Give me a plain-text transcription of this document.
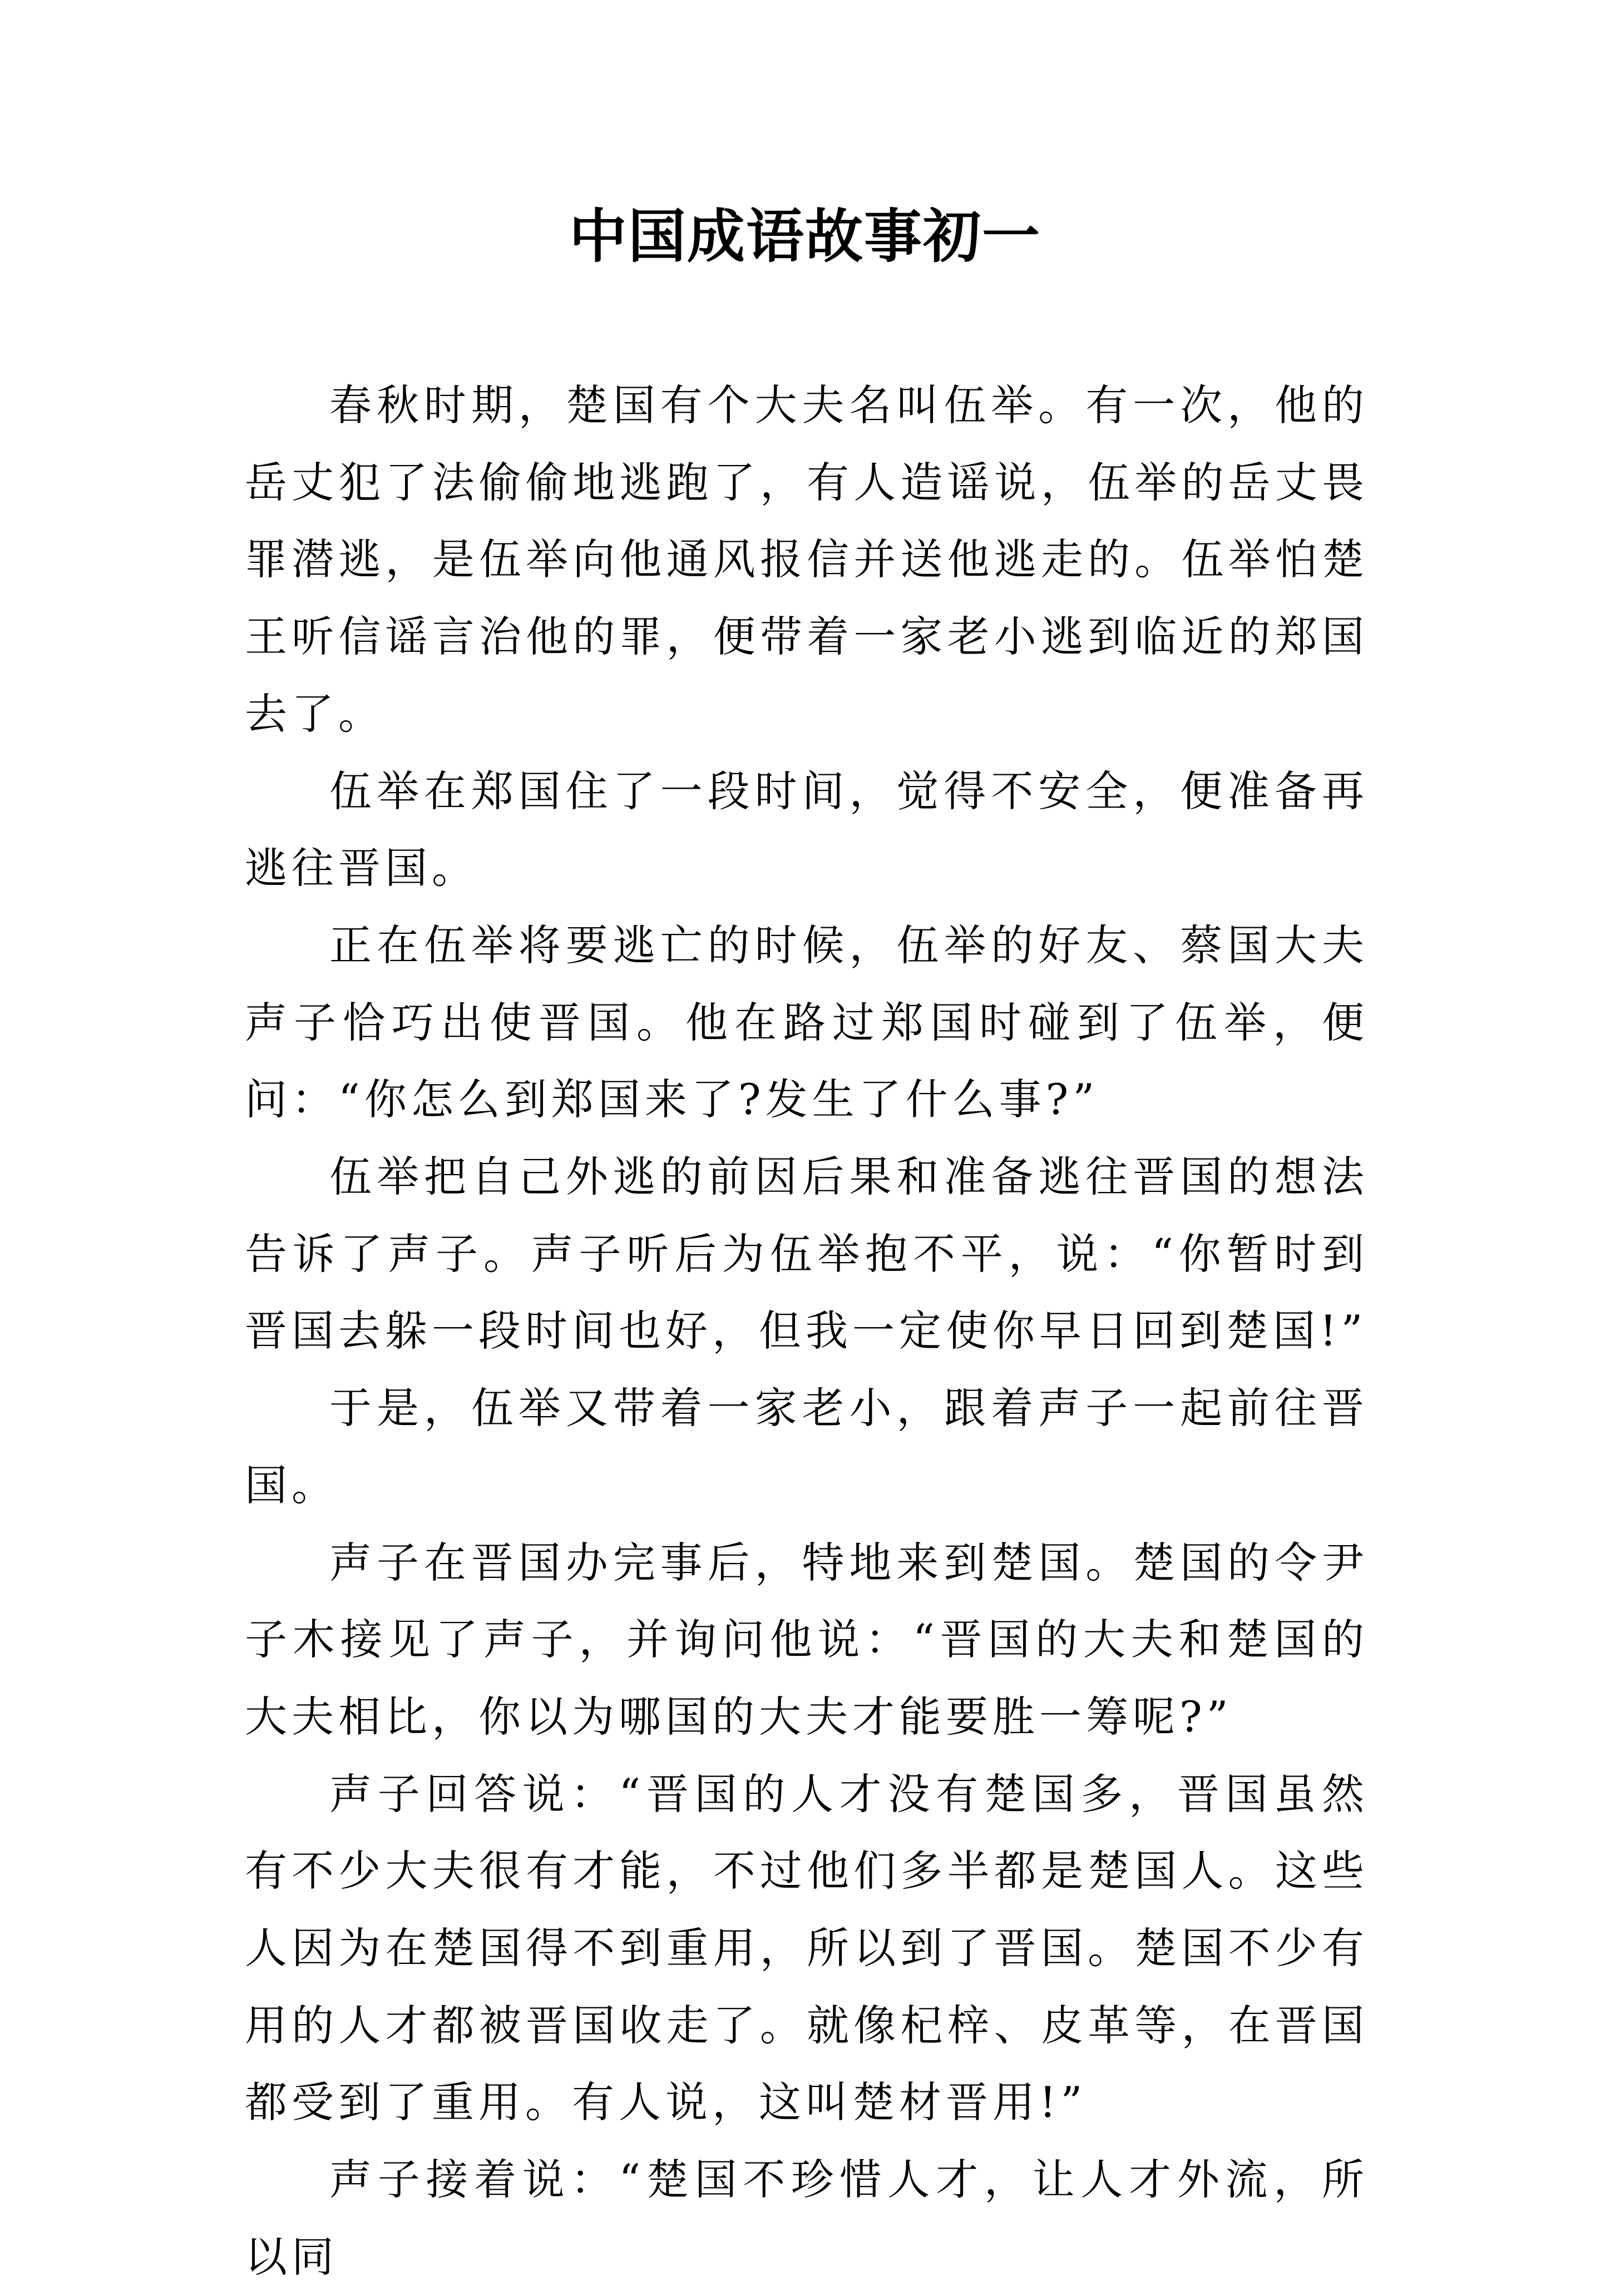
中国成语故事初一

春秋时期，楚国有个大夫名叫伍举。有一次，他的岳丈犯了法偷偷地逃跑了，有人造谣说，伍举的岳丈畏罪潜逃，是伍举向他通风报信并送他逃走的。伍举怕楚王听信谣言治他的罪，便带着一家老小逃到临近的郑国去了。

伍举在郑国住了一段时间，觉得不安全，便准备再逃往晋国。

正在伍举将要逃亡的时候，伍举的好友、蔡国大夫声子恰巧出使晋国。他在路过郑国时碰到了伍举，便问：“你怎么到郑国来了?发生了什么事?”

伍举把自己外逃的前因后果和准备逃往晋国的想法告诉了声子。声子听后为伍举抱不平，说：“你暂时到晋国去躲一段时间也好，但我一定使你早日回到楚国!”

于是，伍举又带着一家老小，跟着声子一起前往晋国。

声子在晋国办完事后，特地来到楚国。楚国的令尹子木接见了声子，并询问他说：“晋国的大夫和楚国的大夫相比，你以为哪国的大夫才能要胜一筹呢?”

声子回答说：“晋国的人才没有楚国多，晋国虽然有不少大夫很有才能，不过他们多半都是楚国人。这些人因为在楚国得不到重用，所以到了晋国。楚国不少有用的人才都被晋国收走了。就像杞梓、皮革等，在晋国都受到了重用。有人说，这叫楚材晋用!”

声子接着说：“楚国不珍惜人才，让人才外流，所以同
